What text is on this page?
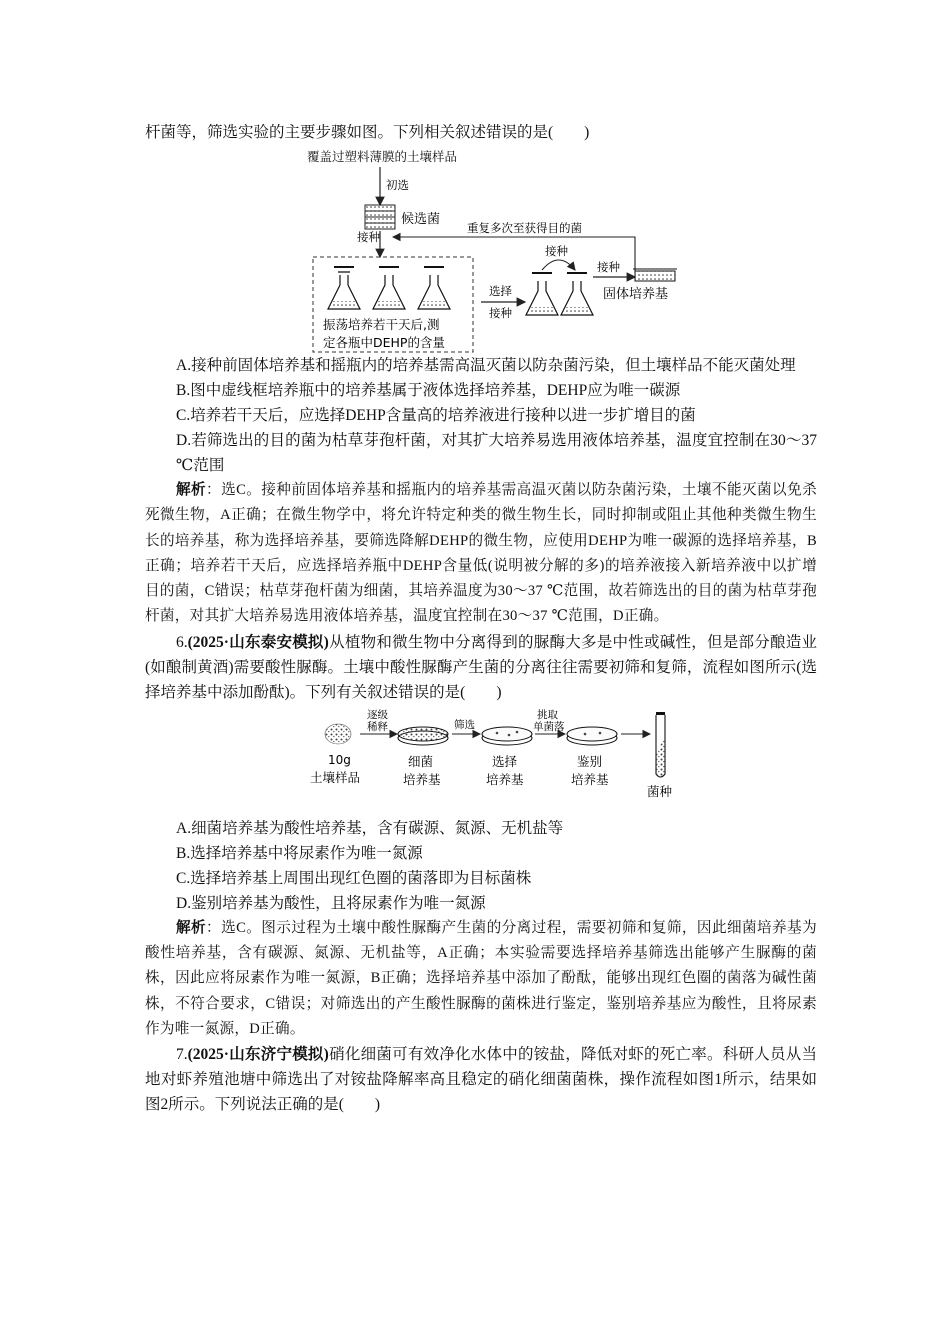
杆菌等，筛选实验的主要步骤如图。下列相关叙述错误的是(　　)

覆盖过塑料薄膜的土壤样品
初选
候选菌
接种
重复多次至获得目的菌
振荡培养若干天后,测
定各瓶中DEHP的含量
选择
接种
接种
接种
固体培养基

A.接种前固体培养基和摇瓶内的培养基需高温灭菌以防杂菌污染，但土壤样品不能灭菌处理

B.图中虚线框培养瓶中的培养基属于液体选择培养基，DEHP应为唯一碳源

C.培养若干天后，应选择DEHP含量高的培养液进行接种以进一步扩增目的菌

D.若筛选出的目的菌为枯草芽孢杆菌，对其扩大培养易选用液体培养基，温度宜控制在30～37 ℃范围

解析：选C。接种前固体培养基和摇瓶内的培养基需高温灭菌以防杂菌污染，土壤不能灭菌以免杀死微生物，A正确；在微生物学中，将允许特定种类的微生物生长，同时抑制或阻止其他种类微生物生长的培养基，称为选择培养基，要筛选降解DEHP的微生物，应使用DEHP为唯一碳源的选择培养基，B正确；培养若干天后，应选择培养瓶中DEHP含量低(说明被分解的多)的培养液接入新培养液中以扩增目的菌，C错误；枯草芽孢杆菌为细菌，其培养温度为30～37 ℃范围，故若筛选出的目的菌为枯草芽孢杆菌，对其扩大培养易选用液体培养基，温度宜控制在30～37 ℃范围，D正确。

6.(2025·山东泰安模拟)从植物和微生物中分离得到的脲酶大多是中性或碱性，但是部分酿造业(如酿制黄酒)需要酸性脲酶。土壤中酸性脲酶产生菌的分离往往需要初筛和复筛，流程如图所示(选择培养基中添加酚酞)。下列有关叙述错误的是(　　)

10g
土壤样品
逐级
稀释
细菌
培养基
筛选
选择
培养基
挑取
单菌落
鉴别
培养基
菌种

A.细菌培养基为酸性培养基，含有碳源、氮源、无机盐等

B.选择培养基中将尿素作为唯一氮源

C.选择培养基上周围出现红色圈的菌落即为目标菌株

D.鉴别培养基为酸性，且将尿素作为唯一氮源

解析：选C。图示过程为土壤中酸性脲酶产生菌的分离过程，需要初筛和复筛，因此细菌培养基为酸性培养基，含有碳源、氮源、无机盐等，A正确；本实验需要选择培养基筛选出能够产生脲酶的菌株，因此应将尿素作为唯一氮源，B正确；选择培养基中添加了酚酞，能够出现红色圈的菌落为碱性菌株，不符合要求，C错误；对筛选出的产生酸性脲酶的菌株进行鉴定，鉴别培养基应为酸性，且将尿素作为唯一氮源，D正确。

7.(2025·山东济宁模拟)硝化细菌可有效净化水体中的铵盐，降低对虾的死亡率。科研人员从当地对虾养殖池塘中筛选出了对铵盐降解率高且稳定的硝化细菌菌株，操作流程如图1所示，结果如图2所示。下列说法正确的是(　　)
